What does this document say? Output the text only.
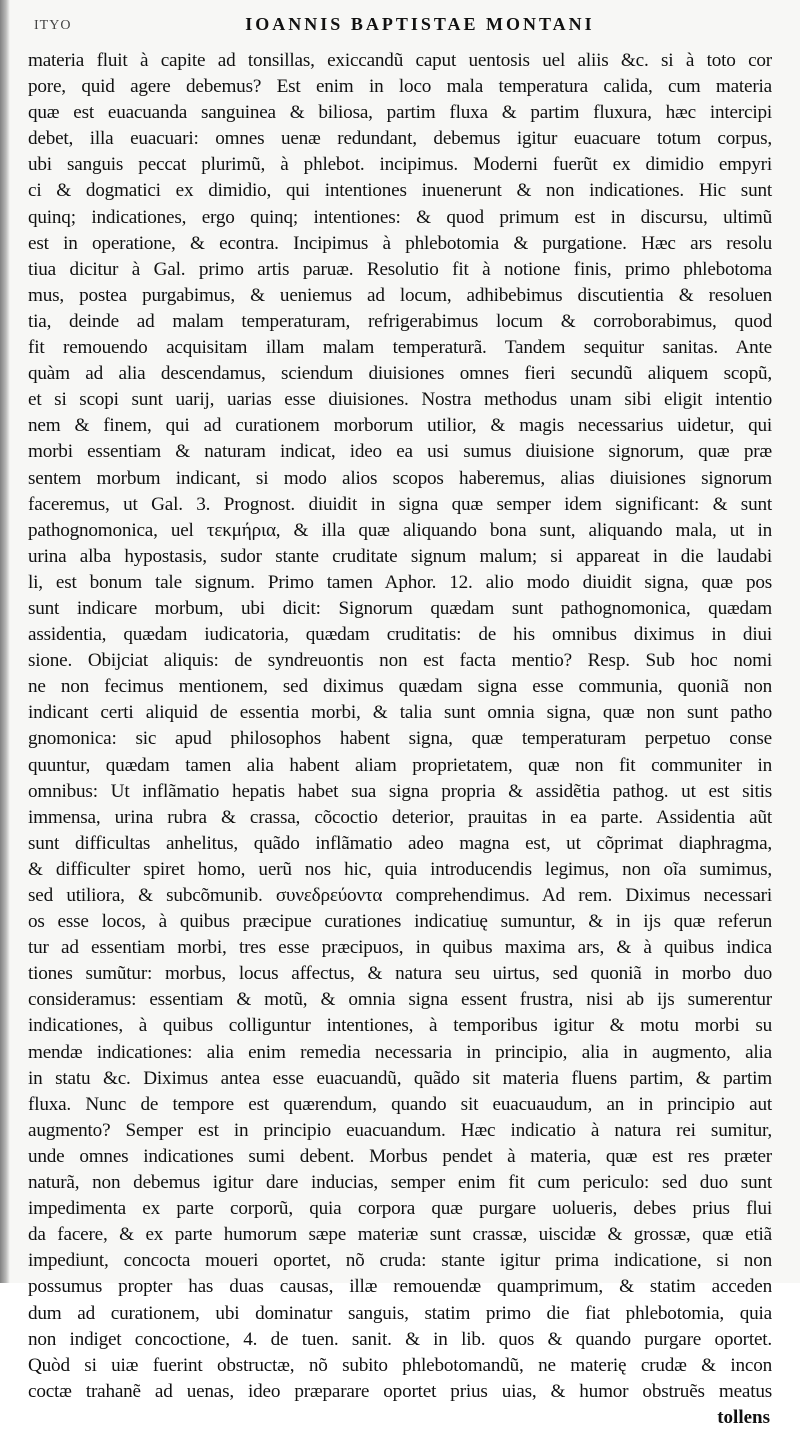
ITYO	IOANNIS BAPTISTAE MONTANI
materia fluit à capite ad tonsillas, exiccandũ caput uentosis uel aliis &c. si à toto cor
pore, quid agere debemus? Est enim in loco mala temperatura calida, cum materia
quæ est euacuanda sanguinea & biliosa, partim fluxa & partim fluxura, hæc intercipi
debet, illa euacuari: omnes uenæ redundant, debemus igitur euacuare totum corpus,
ubi sanguis peccat plurimũ, à phlebot. incipimus. Moderni fuerũt ex dimidio empyri
ci & dogmatici ex dimidio, qui intentiones inuenerunt & non indicationes. Hic sunt
quinq; indicationes, ergo quinq; intentiones: & quod primum est in discursu, ultimũ
est in operatione, & econtra. Incipimus à phlebotomia & purgatione. Hæc ars resolu
tiua dicitur à Gal. primo artis paruæ. Resolutio fit à notione finis, primo phlebotoma
mus, postea purgabimus, & ueniemus ad locum, adhibebimus discutientia & resoluen
tia, deinde ad malam temperaturam, refrigerabimus locum & corroborabimus, quod
fit remouendo acquisitam illam malam temperaturã. Tandem sequitur sanitas. Ante
quàm ad alia descendamus, sciendum diuisiones omnes fieri secundũ aliquem scopũ,
et si scopi sunt uarij, uarias esse diuisiones. Nostra methodus unam sibi eligit intentio
nem & finem, qui ad curationem morborum utilior, & magis necessarius uidetur, qui
morbi essentiam & naturam indicat, ideo ea usi sumus diuisione signorum, quæ præ
sentem morbum indicant, si modo alios scopos haberemus, alias diuisiones signorum
faceremus, ut Gal. 3. Prognost. diuidit in signa quæ semper idem significant: & sunt
pathognomonica, uel τεκμήρια, & illa quæ aliquando bona sunt, aliquando mala, ut in
urina alba hypostasis, sudor stante cruditate signum malum; si appareat in die laudabi
li, est bonum tale signum. Primo tamen Aphor. 12. alio modo diuidit signa, quæ pos
sunt indicare morbum, ubi dicit: Signorum quædam sunt pathognomonica, quædam
assidentia, quædam iudicatoria, quædam cruditatis: de his omnibus diximus in diui
sione. Obijciat aliquis: de syndreuontis non est facta mentio? Resp. Sub hoc nomi
ne non fecimus mentionem, sed diximus quædam signa esse communia, quoniã non
indicant certi aliquid de essentia morbi, & talia sunt omnia signa, quæ non sunt patho
gnomonica: sic apud philosophos habent signa, quæ temperaturam perpetuo conse
quuntur, quædam tamen alia habent aliam proprietatem, quæ non fit communiter in
omnibus: Ut inflãmatio hepatis habet sua signa propria & assidẽtia pathog. ut est sitis
immensa, urina rubra & crassa, cõcoctio deterior, prauitas in ea parte. Assidentia aũt
sunt difficultas anhelitus, quãdo inflãmatio adeo magna est, ut cõprimat diaphragma,
& difficulter spiret homo, uerũ nos hic, quia introducendis legimus, non oĩa sumimus,
sed utiliora, & subcõmunib. συνεδρεύοντα comprehendimus. Ad rem. Diximus necessari
os esse locos, à quibus præcipue curationes indicatiuę sumuntur, & in ijs quæ referun
tur ad essentiam morbi, tres esse præcipuos, in quibus maxima ars, & à quibus indica
tiones sumũtur: morbus, locus affectus, & natura seu uirtus, sed quoniã in morbo duo
consideramus: essentiam & motũ, & omnia signa essent frustra, nisi ab ijs sumerentur
indicationes, à quibus colliguntur intentiones, à temporibus igitur & motu morbi su
mendæ indicationes: alia enim remedia necessaria in principio, alia in augmento, alia
in statu &c. Diximus antea esse euacuandũ, quãdo sit materia fluens partim, & partim
fluxa. Nunc de tempore est quærendum, quando sit euacuaudum, an in principio aut
augmento? Semper est in principio euacuandum. Hæc indicatio à natura rei sumitur,
unde omnes indicationes sumi debent. Morbus pendet à materia, quæ est res præter
naturã, non debemus igitur dare inducias, semper enim fit cum periculo: sed duo sunt
impedimenta ex parte corporũ, quia corpora quæ purgare uolueris, debes prius flui
da facere, & ex parte humorum sæpe materiæ sunt crassæ, uiscidæ & grossæ, quæ etiã
impediunt, concocta moueri oportet, nõ cruda: stante igitur prima indicatione, si non
possumus propter has duas causas, illæ remouendæ quamprimum, & statim acceden
dum ad curationem, ubi dominatur sanguis, statim primo die fiat phlebotomia, quia
non indiget concoctione, 4. de tuen. sanit. & in lib. quos & quando purgare oportet.
Quòd si uiæ fuerint obstructæ, nõ subito phlebotomandũ, ne materię crudæ & incon
coctæ trahanẽ ad uenas, ideo præparare oportet prius uias, & humor obstruẽs meatus
tollens
